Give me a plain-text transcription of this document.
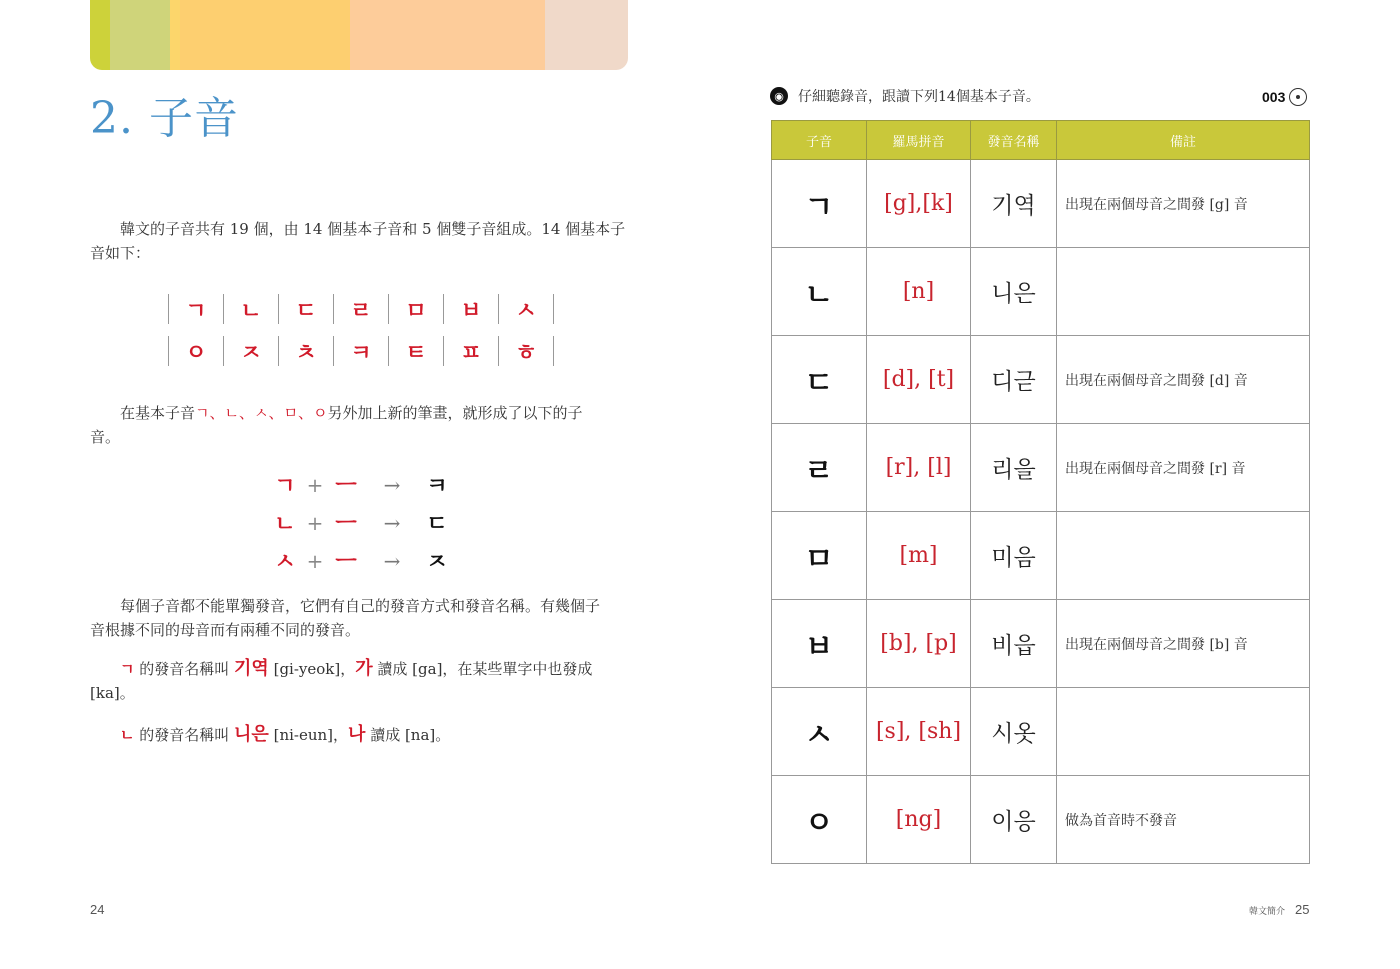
2. 子音
韓文的子音共有 19 個，由 14 個基本子音和 5 個雙子音組成。14 個基本子
音如下：
ㄱ	ㄴ	ㄷ	ㄹ	ㅁ	ㅂ	ㅅ
ㅇ	ㅈ	ㅊ	ㅋ	ㅌ	ㅍ	ㅎ
在基本子音ㄱ、ㄴ、ㅅ、ㅁ、ㅇ另外加上新的筆畫，就形成了以下的子
音。
ㄱ + ㅡ	→	ㅋ
ㄴ + ㅡ	→	ㄷ
ㅅ + ㅡ	→	ㅈ
每個子音都不能單獨發音，它們有自己的發音方式和發音名稱。有幾個子
音根據不同的母音而有兩種不同的發音。
ㄱ 的發音名稱叫 기역 [gi-yeok]，가 讀成 [ga]，在某些單字中也發成
[ka]。
ㄴ 的發音名稱叫 니은 [ni-eun]，나 讀成 [na]。
24
◉	仔細聽錄音，跟讀下列14個基本子音。	003
子音	羅馬拼音	發音名稱	備註
ㄱ	[g],[k]	기역	出現在兩個母音之間發 [g] 音
ㄴ	[n]	니은	
ㄷ	[d], [t]	디귿	出現在兩個母音之間發 [d] 音
ㄹ	[r], [l]	리을	出現在兩個母音之間發 [r] 音
ㅁ	[m]	미음	
ㅂ	[b], [p]	비읍	出現在兩個母音之間發 [b] 音
ㅅ	[s], [sh]	시옷	
ㅇ	[ng]	이응	做為首音時不發音
韓文簡介 25
